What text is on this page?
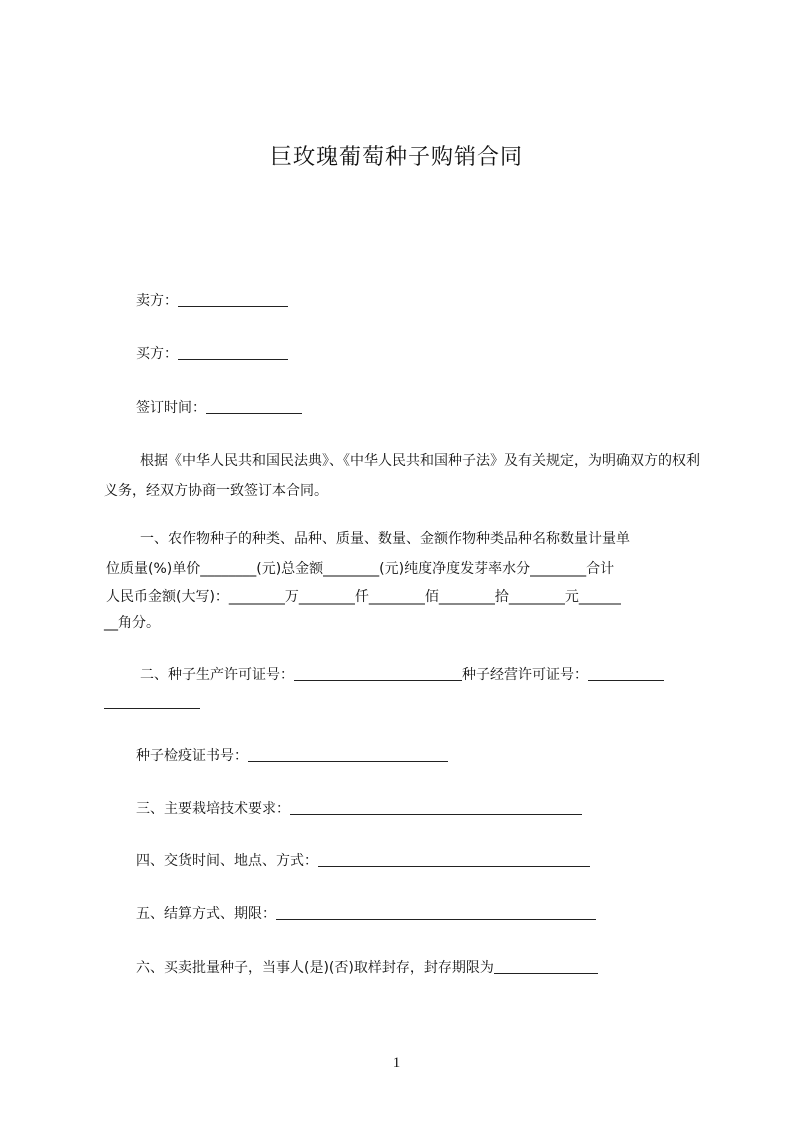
巨玫瑰葡萄种子购销合同
卖方：
买方：
签订时间：
根据《中华人民共和国民法典》、《中华人民共和国种子法》及有关规定，为明确双方的权利义务，经双方协商一致签订本合同。
一、农作物种子的种类、品种、质量、数量、金额作物种类品种名称数量计量单
位质量(%)单价________(元)总金额________(元)纯度净度发芽率水分________合计
人民币金额(大写)：________万________仟________佰________拾________元______
__角分。
二、种子生产许可证号：	种子经营许可证号：
种子检疫证书号：
三、主要栽培技术要求：
四、交货时间、地点、方式：
五、结算方式、期限：
六、买卖批量种子，当事人(是)(否)取样封存，封存期限为
1
